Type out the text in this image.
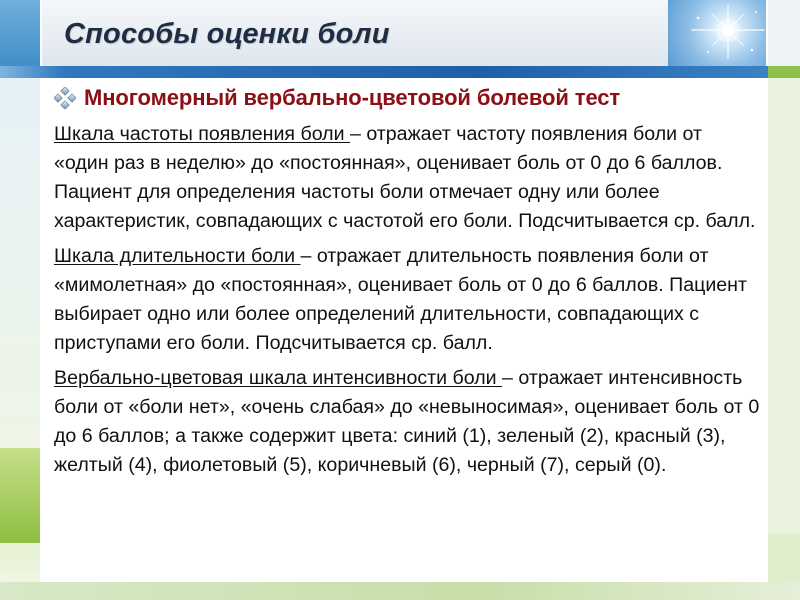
Способы оценки боли
Многомерный вербально-цветовой болевой тест

Шкала частоты появления боли – отражает частоту появления боли от «один раз в неделю» до «постоянная», оценивает боль от 0 до 6 баллов. Пациент для определения частоты боли отмечает одну или более характеристик, совпадающих с частотой его боли. Подсчитывается ср. балл.

Шкала длительности боли – отражает длительность появления боли от «мимолетная» до «постоянная», оценивает боль от 0 до 6 баллов. Пациент выбирает одно или более определений длительности, совпадающих с приступами его боли. Подсчитывается ср. балл.

Вербально-цветовая шкала интенсивности боли – отражает интенсивность боли от «боли нет», «очень слабая» до «невыносимая», оценивает боль от 0 до 6 баллов; а также содержит цвета: синий (1), зеленый (2), красный (3), желтый (4), фиолетовый (5), коричневый (6), черный (7), серый (0).
